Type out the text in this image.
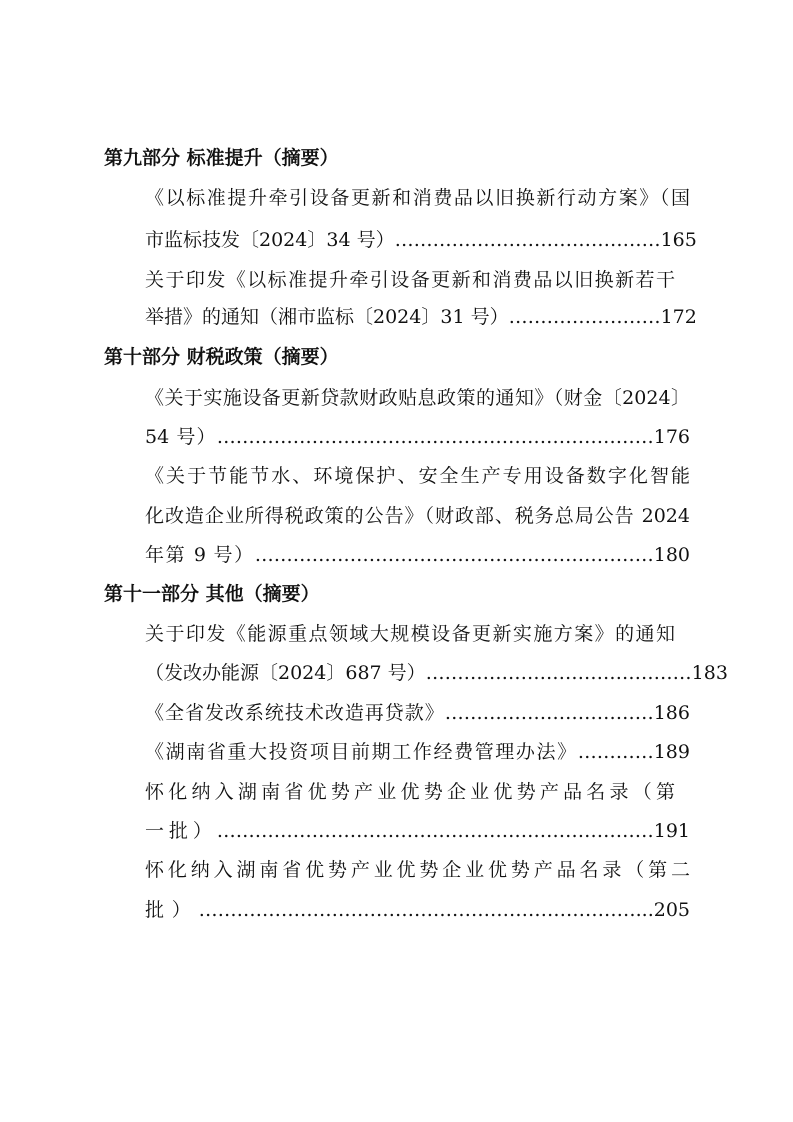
第九部分 标准提升（摘要）
《以标准提升牵引设备更新和消费品以旧换新行动方案》（国
市监标技发〔2024〕34 号）……………………………………165
关于印发《以标准提升牵引设备更新和消费品以旧换新若干
举措》的通知（湘市监标〔2024〕31 号）……………………172
第十部分 财税政策（摘要）
《关于实施设备更新贷款财政贴息政策的通知》（财金〔2024〕
54 号）……………………………………………………………176
《关于节能节水、环境保护、安全生产专用设备数字化智能
化改造企业所得税政策的公告》（财政部、税务总局公告 2024
年第 9 号）………………………………………………………180
第十一部分 其他（摘要）
关于印发《能源重点领域大规模设备更新实施方案》的通知
（发改办能源〔2024〕687 号）……………………………………183
《全省发改系统技术改造再贷款》……………………………186
《湖南省重大投资项目前期工作经费管理办法》…………189
怀化纳入湖南省优势产业优势企业优势产品名录（第
一批）……………………………………………………………191
怀化纳入湖南省优势产业优势企业优势产品名录（第二
批）……………………………………………………………...205
